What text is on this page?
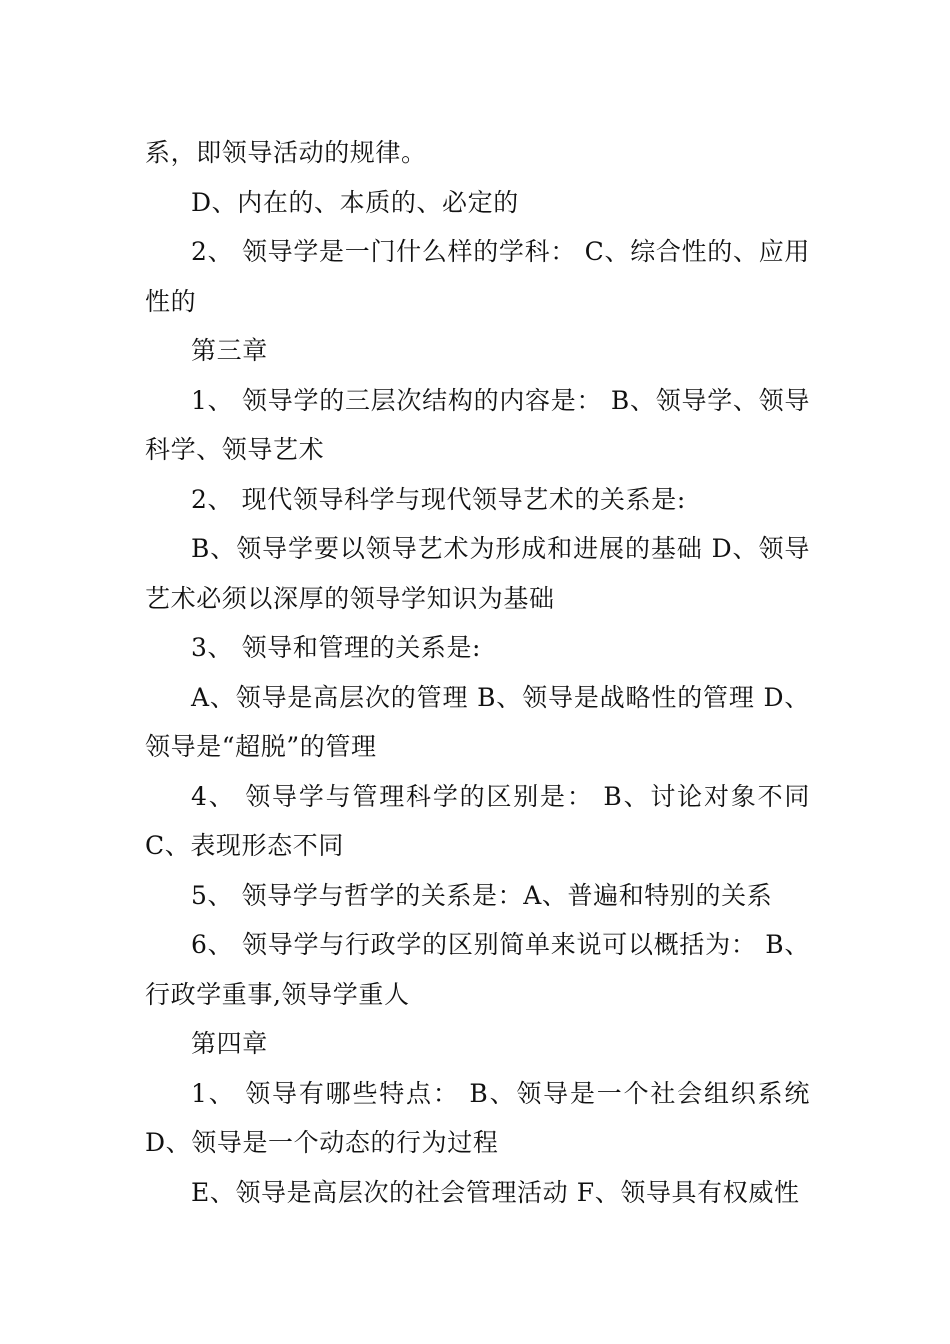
系，即领导活动的规律。

D、内在的、本质的、必定的

2、 领导学是一门什么样的学科： C、综合性的、应用性的

第三章

1、 领导学的三层次结构的内容是： B、领导学、领导科学、领导艺术

2、 现代领导科学与现代领导艺术的关系是:

B、领导学要以领导艺术为形成和进展的基础 D、领导艺术必须以深厚的领导学知识为基础

3、 领导和管理的关系是:

A、领导是高层次的管理 B、领导是战略性的管理 D、领导是“超脱”的管理

4、 领导学与管理科学的区别是： B、讨论对象不同 C、表现形态不同

5、 领导学与哲学的关系是：A、普遍和特别的关系

6、 领导学与行政学的区别简单来说可以概括为： B、行政学重事,领导学重人

第四章

1、 领导有哪些特点： B、领导是一个社会组织系统 D、领导是一个动态的行为过程

E、领导是高层次的社会管理活动 F、领导具有权威性
